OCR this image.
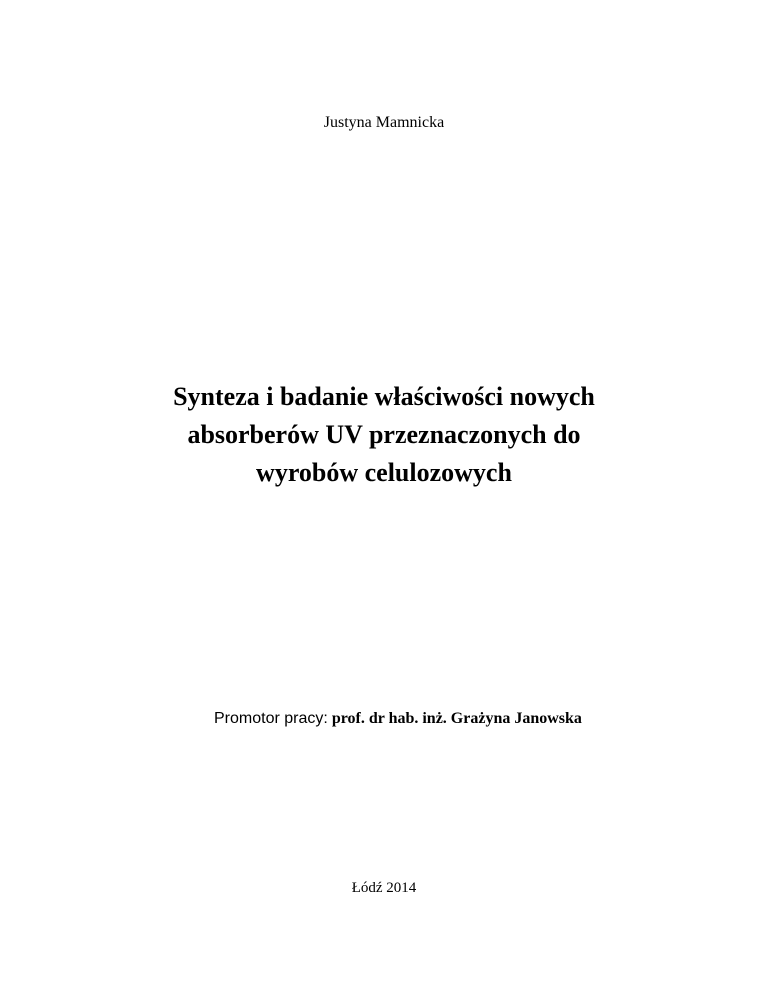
Justyna Mamnicka
Synteza i badanie właściwości nowych
absorberów UV przeznaczonych do
wyrobów celulozowych
Promotor pracy: prof. dr hab. inż. Grażyna Janowska
Łódź 2014
